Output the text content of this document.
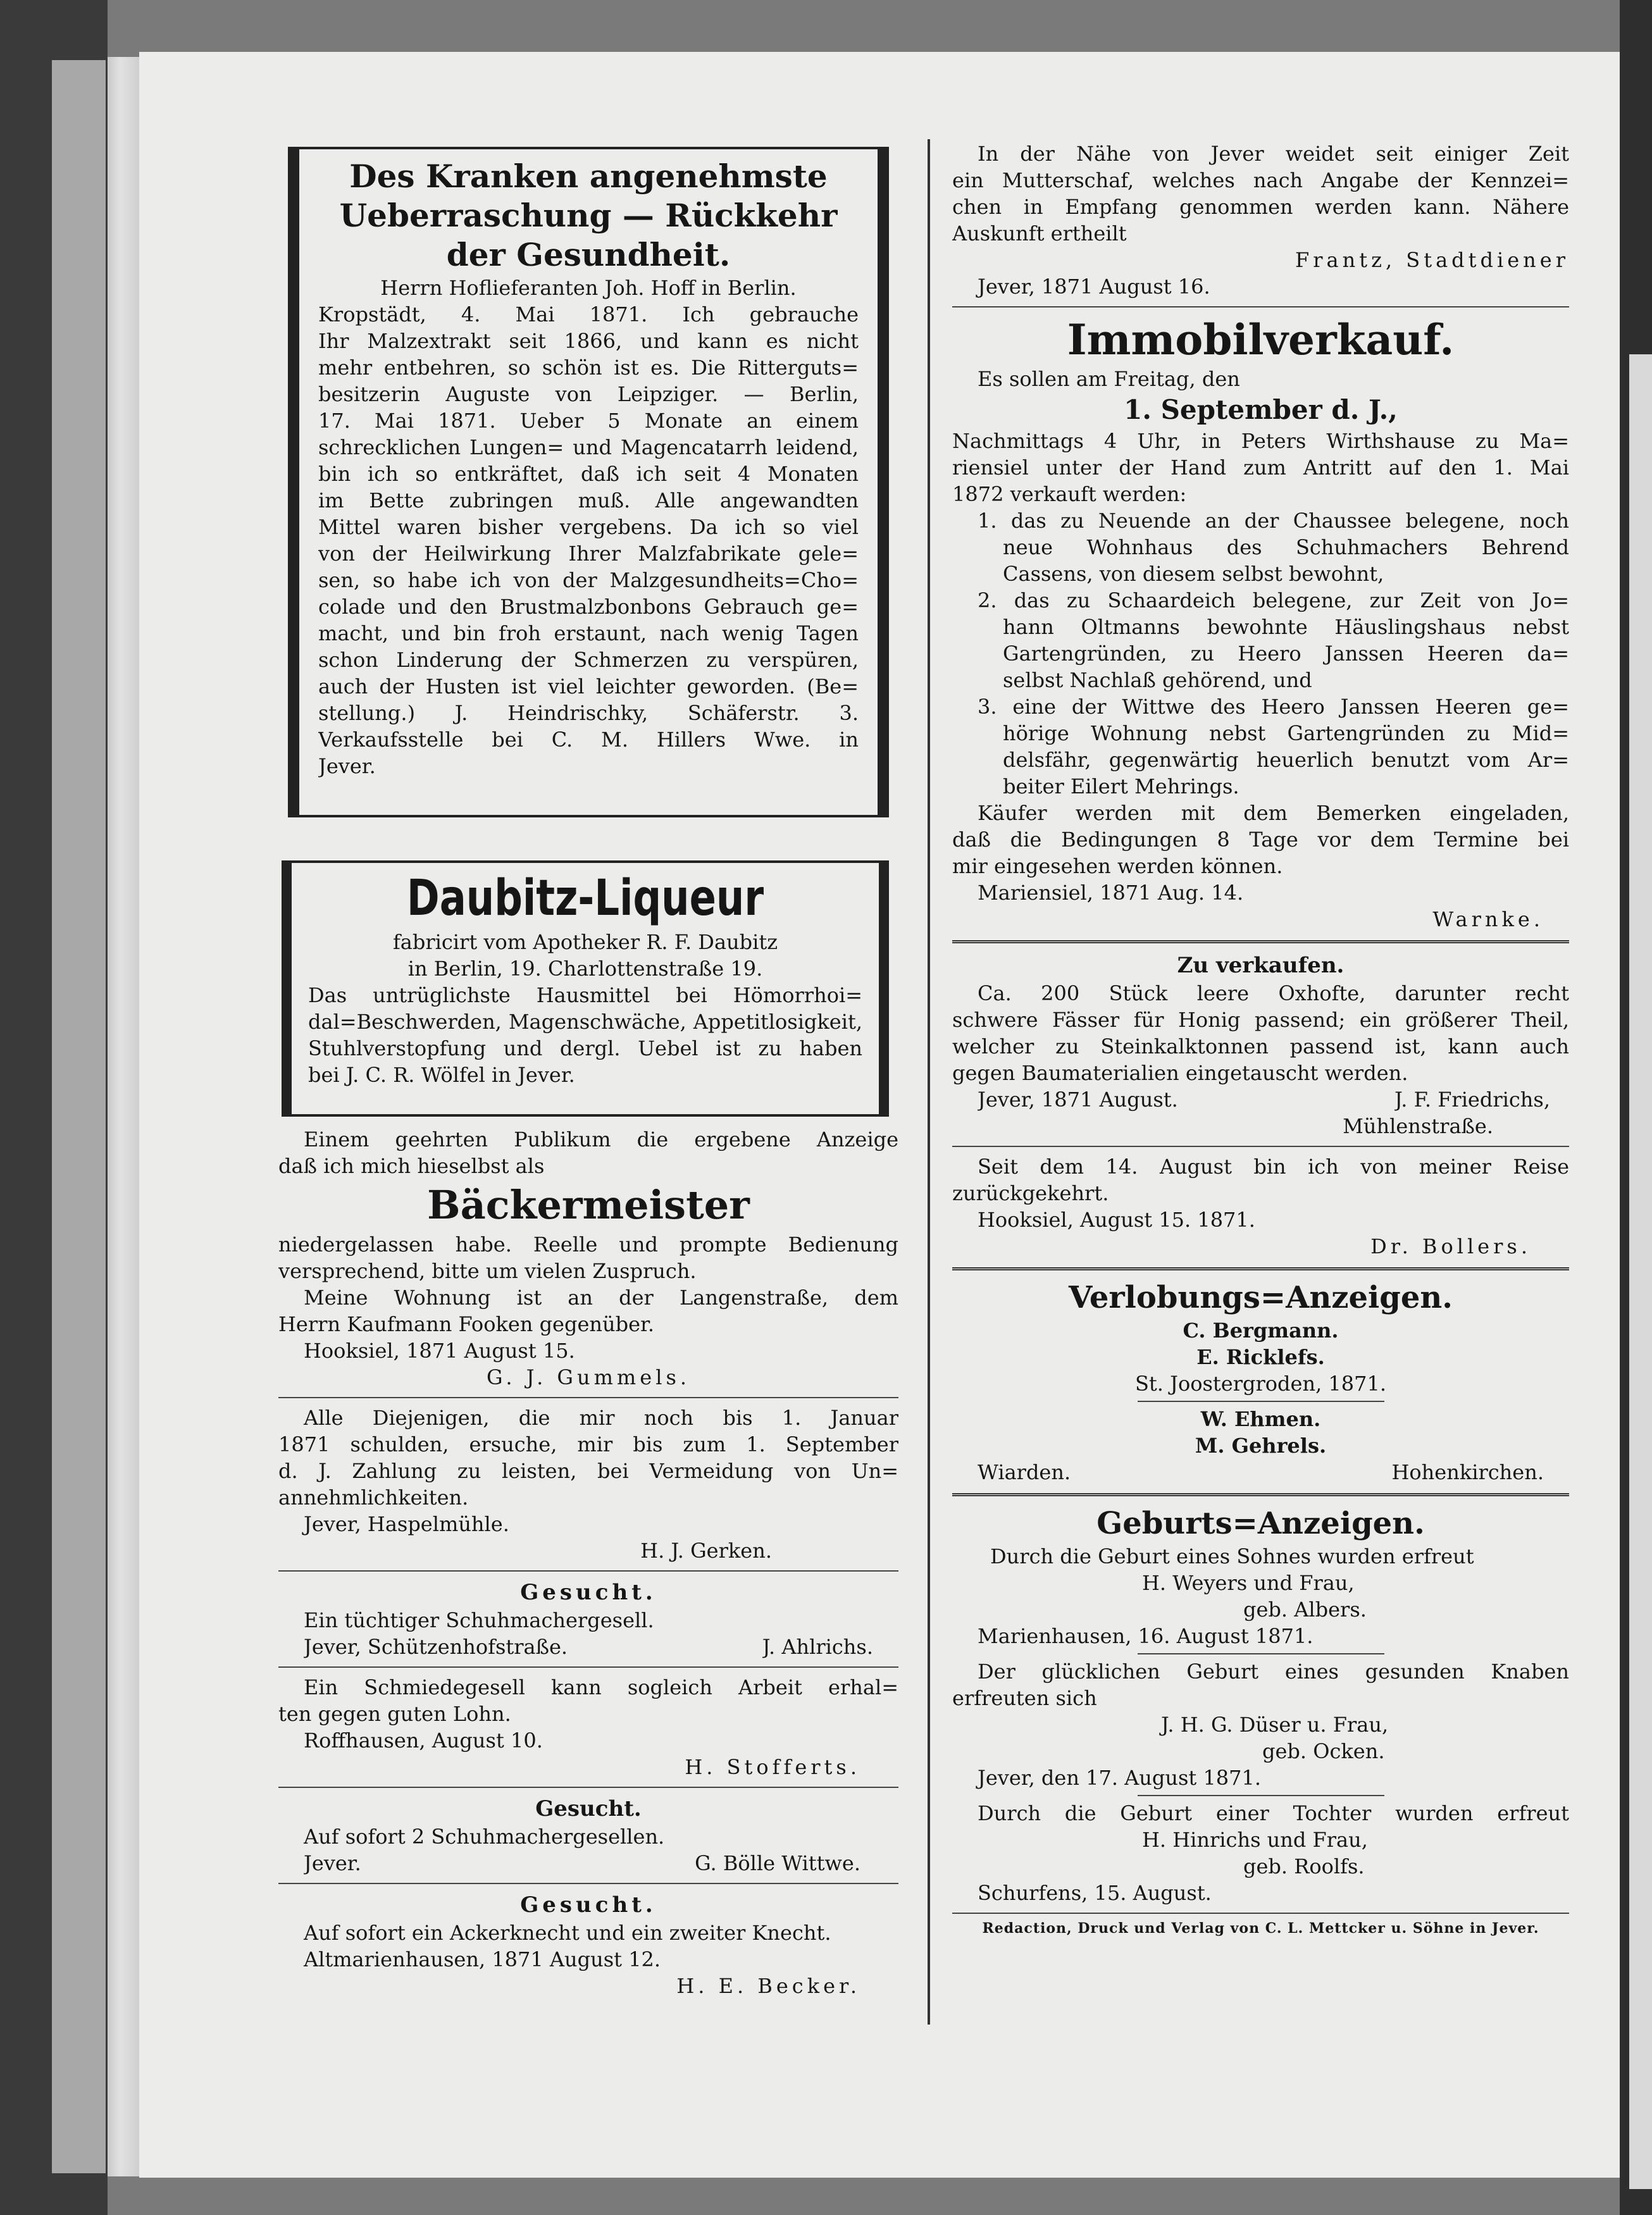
Des Kranken angenehmste
Ueberraschung — Rückkehr
der Gesundheit.
Herrn Hoflieferanten Joh. Hoff in Berlin.
Kropstädt, 4. Mai 1871. Ich gebrauche
Ihr Malzextrakt seit 1866, und kann es nicht
mehr entbehren, so schön ist es. Die Ritterguts=
besitzerin Auguste von Leipziger. — Berlin,
17. Mai 1871. Ueber 5 Monate an einem
schrecklichen Lungen= und Magencatarrh leidend,
bin ich so entkräftet, daß ich seit 4 Monaten
im Bette zubringen muß. Alle angewandten
Mittel waren bisher vergebens. Da ich so viel
von der Heilwirkung Ihrer Malzfabrikate gele=
sen, so habe ich von der Malzgesundheits=Cho=
colade und den Brustmalzbonbons Gebrauch ge=
macht, und bin froh erstaunt, nach wenig Tagen
schon Linderung der Schmerzen zu verspüren,
auch der Husten ist viel leichter geworden. (Be=
stellung.) J. Heindrischky, Schäferstr. 3.
Verkaufsstelle bei C. M. Hillers Wwe. in
Jever.
Daubitz-Liqueur
fabricirt vom Apotheker R. F. Daubitz
in Berlin, 19. Charlottenstraße 19.
Das untrüglichste Hausmittel bei Hömorrhoi=
dal=Beschwerden, Magenschwäche, Appetitlosigkeit,
Stuhlverstopfung und dergl. Uebel ist zu haben
bei J. C. R. Wölfel in Jever.
Einem geehrten Publikum die ergebene Anzeige
daß ich mich hieselbst als
Bäckermeister
niedergelassen habe. Reelle und prompte Bedienung
versprechend, bitte um vielen Zuspruch.
Meine Wohnung ist an der Langenstraße, dem
Herrn Kaufmann Fooken gegenüber.
Hooksiel, 1871 August 15.
G. J. Gummels.
Alle Diejenigen, die mir noch bis 1. Januar
1871 schulden, ersuche, mir bis zum 1. September
d. J. Zahlung zu leisten, bei Vermeidung von Un=
annehmlichkeiten.
Jever, Haspelmühle.
H. J. Gerken.
Gesucht.
Ein tüchtiger Schuhmachergesell.
Jever, Schützenhofstraße.	J. Ahlrichs.
Ein Schmiedegesell kann sogleich Arbeit erhal=
ten gegen guten Lohn.
Roffhausen, August 10.
H. Stofferts.
Gesucht.
Auf sofort 2 Schuhmachergesellen.
Jever.	G. Bölle Wittwe.
Gesucht.
Auf sofort ein Ackerknecht und ein zweiter Knecht.
Altmarienhausen, 1871 August 12.
H. E. Becker.
In der Nähe von Jever weidet seit einiger Zeit
ein Mutterschaf, welches nach Angabe der Kennzei=
chen in Empfang genommen werden kann. Nähere
Auskunft ertheilt
Frantz, Stadtdiener
Jever, 1871 August 16.
Immobilverkauf.
Es sollen am Freitag, den
1. September d. J.,
Nachmittags 4 Uhr, in Peters Wirthshause zu Ma=
riensiel unter der Hand zum Antritt auf den 1. Mai
1872 verkauft werden:
1. das zu Neuende an der Chaussee belegene, noch
neue Wohnhaus des Schuhmachers Behrend
Cassens, von diesem selbst bewohnt,
2. das zu Schaardeich belegene, zur Zeit von Jo=
hann Oltmanns bewohnte Häuslingshaus nebst
Gartengründen, zu Heero Janssen Heeren da=
selbst Nachlaß gehörend, und
3. eine der Wittwe des Heero Janssen Heeren ge=
hörige Wohnung nebst Gartengründen zu Mid=
delsfähr, gegenwärtig heuerlich benutzt vom Ar=
beiter Eilert Mehrings.
Käufer werden mit dem Bemerken eingeladen,
daß die Bedingungen 8 Tage vor dem Termine bei
mir eingesehen werden können.
Mariensiel, 1871 Aug. 14.
Warnke.
Zu verkaufen.
Ca. 200 Stück leere Oxhofte, darunter recht
schwere Fässer für Honig passend; ein größerer Theil,
welcher zu Steinkalktonnen passend ist, kann auch
gegen Baumaterialien eingetauscht werden.
Jever, 1871 August.	J. F. Friedrichs,
Mühlenstraße.
Seit dem 14. August bin ich von meiner Reise
zurückgekehrt.
Hooksiel, August 15. 1871.
Dr. Bollers.
Verlobungs=Anzeigen.
C. Bergmann.
E. Ricklefs.
St. Joostergroden, 1871.
W. Ehmen.
M. Gehrels.
Wiarden.	Hohenkirchen.
Geburts=Anzeigen.
Durch die Geburt eines Sohnes wurden erfreut
H. Weyers und Frau,
geb. Albers.
Marienhausen, 16. August 1871.
Der glücklichen Geburt eines gesunden Knaben
erfreuten sich
J. H. G. Düser u. Frau,
geb. Ocken.
Jever, den 17. August 1871.
Durch die Geburt einer Tochter wurden erfreut
H. Hinrichs und Frau,
geb. Roolfs.
Schurfens, 15. August.
Redaction, Druck und Verlag von C. L. Mettcker u. Söhne in Jever.
